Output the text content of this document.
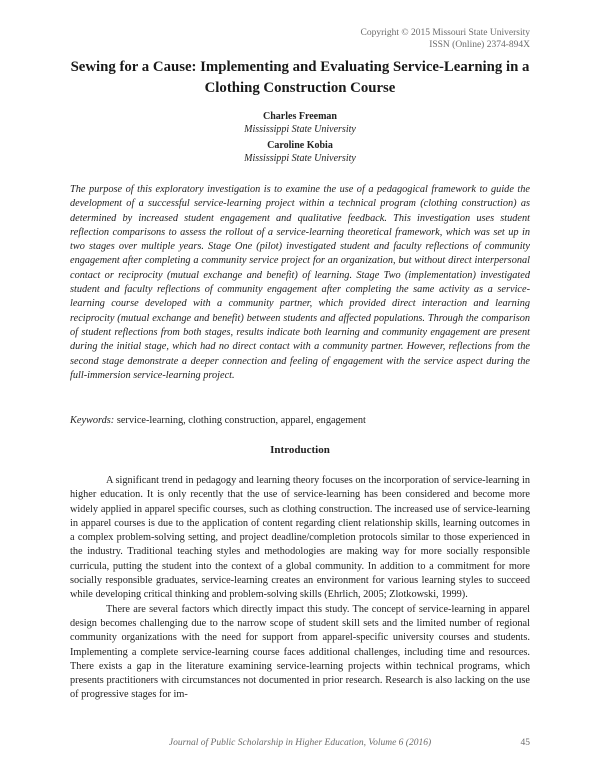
Copyright © 2015 Missouri State University
ISSN (Online) 2374-894X
Sewing for a Cause: Implementing and Evaluating Service-Learning in a Clothing Construction Course
Charles Freeman
Mississippi State University
Caroline Kobia
Mississippi State University
The purpose of this exploratory investigation is to examine the use of a pedagogical framework to guide the development of a successful service-learning project within a technical program (clothing construction) as determined by increased student engagement and qualitative feedback. This investigation uses student reflection comparisons to assess the rollout of a service-learning theoretical framework, which was set up in two stages over multiple years. Stage One (pilot) investigated student and faculty reflections of community engagement after completing a community service project for an organization, but without direct interpersonal contact or reciprocity (mutual exchange and benefit) of learning. Stage Two (implementation) investigated student and faculty reflections of community engagement after completing the same activity as a service-learning course developed with a community partner, which provided direct interaction and learning reciprocity (mutual exchange and benefit) between students and affected populations. Through the comparison of student reflections from both stages, results indicate both learning and community engagement are present during the initial stage, which had no direct contact with a community partner. However, reflections from the second stage demonstrate a deeper connection and feeling of engagement with the service aspect during the full-immersion service-learning project.
Keywords: service-learning, clothing construction, apparel, engagement
Introduction

A significant trend in pedagogy and learning theory focuses on the incorporation of service-learning in higher education. It is only recently that the use of service-learning has been considered and become more widely applied in apparel specific courses, such as clothing construction. The increased use of service-learning in apparel courses is due to the application of content regarding client relationship skills, learning outcomes in a complex problem-solving setting, and project deadline/completion protocols similar to those experienced in the industry. Traditional teaching styles and methodologies are making way for more socially responsible curricula, putting the student into the context of a global community. In addition to a commitment for more socially responsible graduates, service-learning creates an environment for various learning styles to succeed while developing critical thinking and problem-solving skills (Ehrlich, 2005; Zlotkowski, 1999).

There are several factors which directly impact this study. The concept of service-learning in apparel design becomes challenging due to the narrow scope of student skill sets and the limited number of regional community organizations with the need for support from apparel-specific university courses and students. Implementing a complete service-learning course faces additional challenges, including time and resources. There exists a gap in the literature examining service-learning projects within technical programs, which presents practitioners with circumstances not documented in prior research. Research is also lacking on the use of progressive stages for im-

Journal of Public Scholarship in Higher Education, Volume 6 (2016)	45
